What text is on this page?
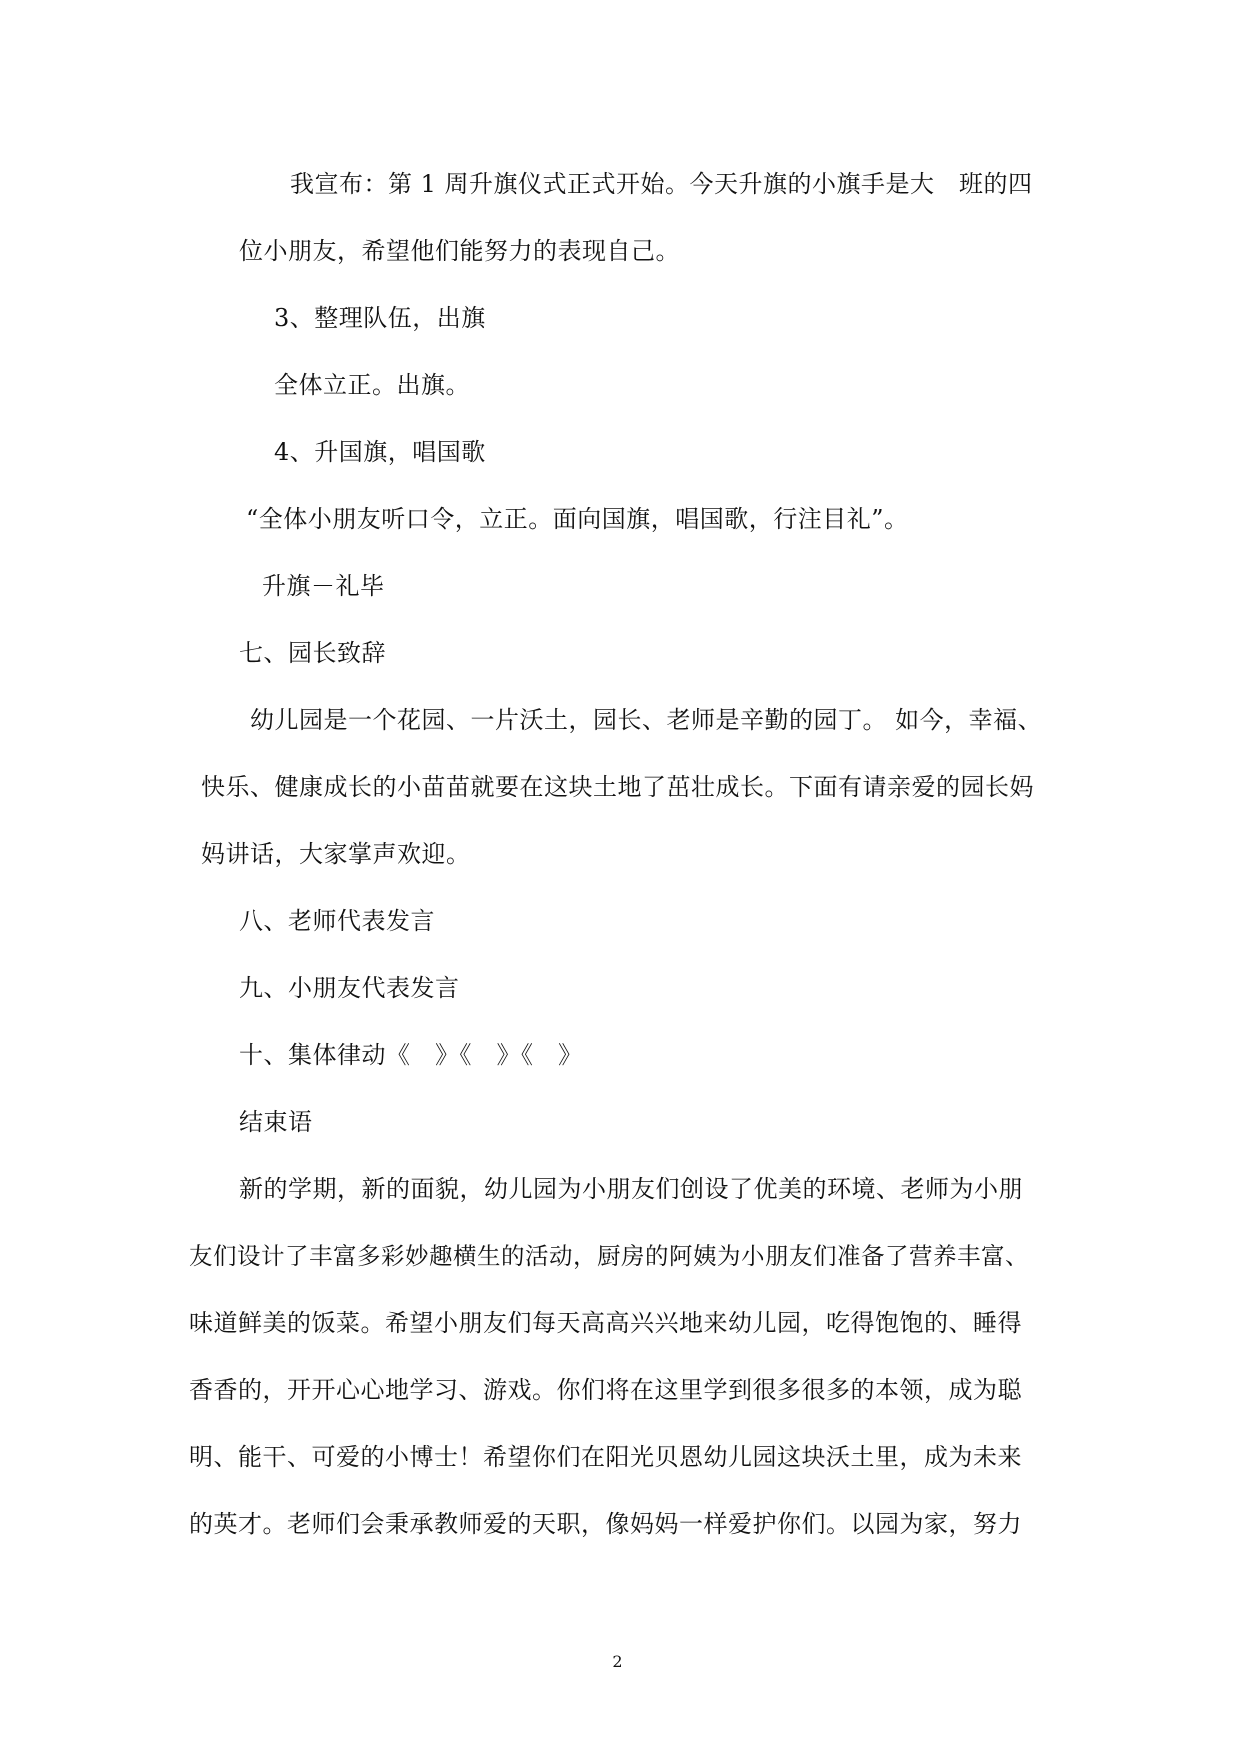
我宣布：第 1 周升旗仪式正式开始。今天升旗的小旗手是大　班的四
位小朋友，希望他们能努力的表现自己。
3、整理队伍，出旗
全体立正。出旗。
4、升国旗，唱国歌
“全体小朋友听口令，立正。面向国旗，唱国歌，行注目礼”。
升旗－礼毕
七、园长致辞
幼儿园是一个花园、一片沃土，园长、老师是辛勤的园丁。 如今，幸福、
快乐、健康成长的小苗苗就要在这块土地了茁壮成长。下面有请亲爱的园长妈
妈讲话，大家掌声欢迎。
八、老师代表发言
九、小朋友代表发言
十、集体律动《　》《　》《　》
结束语
新的学期，新的面貌，幼儿园为小朋友们创设了优美的环境、老师为小朋
友们设计了丰富多彩妙趣横生的活动，厨房的阿姨为小朋友们准备了营养丰富、
味道鲜美的饭菜。希望小朋友们每天高高兴兴地来幼儿园，吃得饱饱的、睡得
香香的，开开心心地学习、游戏。你们将在这里学到很多很多的本领，成为聪
明、能干、可爱的小博士！希望你们在阳光贝恩幼儿园这块沃土里，成为未来
的英才。老师们会秉承教师爱的天职，像妈妈一样爱护你们。以园为家，努力
2
